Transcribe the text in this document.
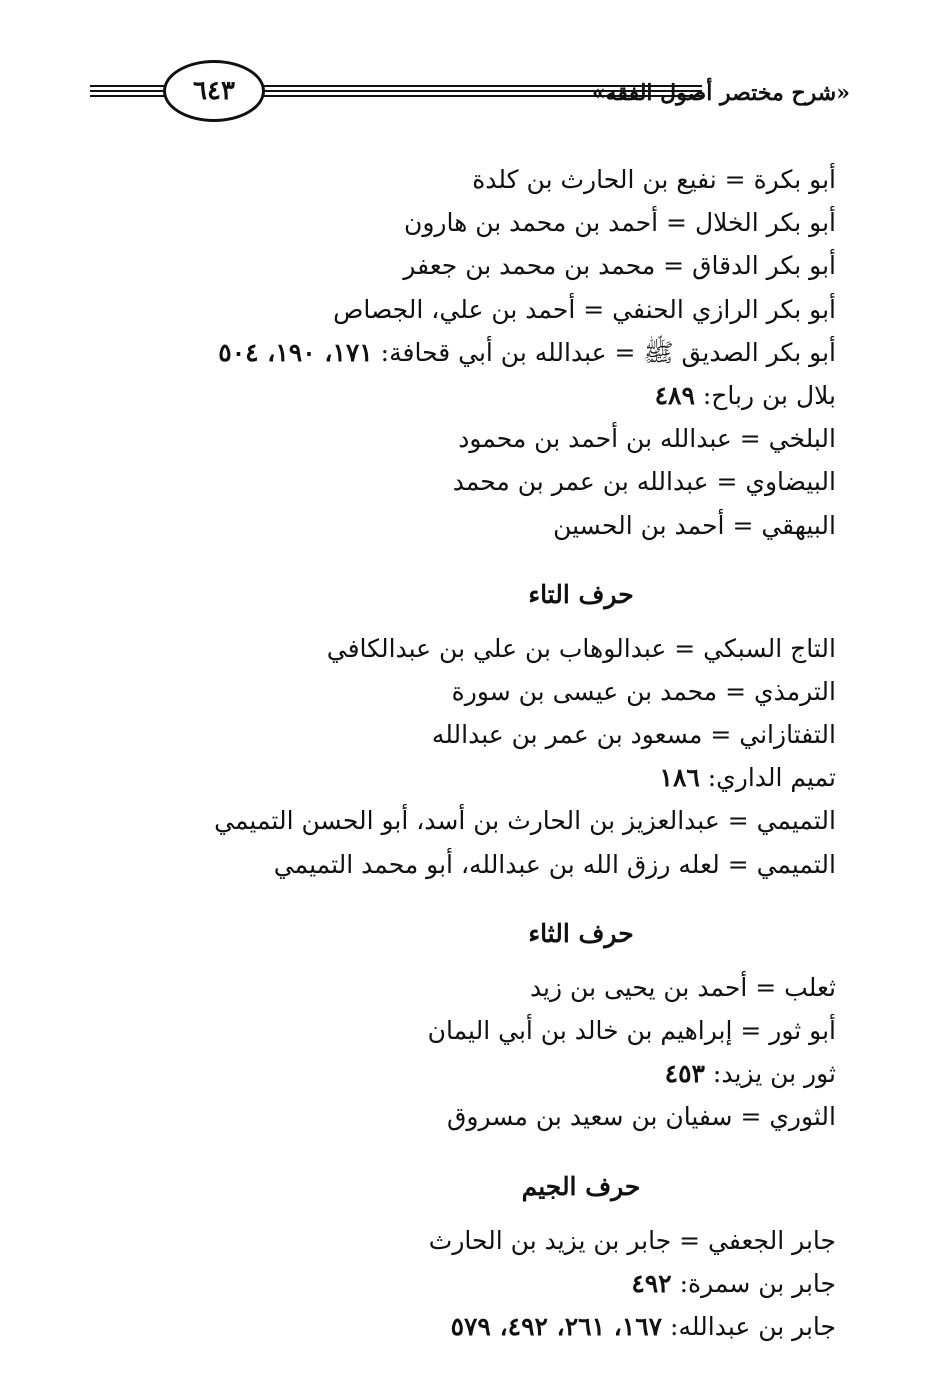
٦٤٣	«شرح مختصر أصول الفقه»
أبو بكرة = نفيع بن الحارث بن كلدة
أبو بكر الخلال = أحمد بن محمد بن هارون
أبو بكر الدقاق = محمد بن محمد بن جعفر
أبو بكر الرازي الحنفي = أحمد بن علي، الجصاص
أبو بكر الصديق ﷺ = عبدالله بن أبي قحافة: ١٧١، ١٩٠، ٥٠٤
بلال بن رباح: ٤٨٩
البلخي = عبدالله بن أحمد بن محمود
البيضاوي = عبدالله بن عمر بن محمد
البيهقي = أحمد بن الحسين
حرف التاء
التاج السبكي = عبدالوهاب بن علي بن عبدالكافي
الترمذي = محمد بن عيسى بن سورة
التفتازاني = مسعود بن عمر بن عبدالله
تميم الداري: ١٨٦
التميمي = عبدالعزيز بن الحارث بن أسد، أبو الحسن التميمي
التميمي = لعله رزق الله بن عبدالله، أبو محمد التميمي
حرف الثاء
ثعلب = أحمد بن يحيى بن زيد
أبو ثور = إبراهيم بن خالد بن أبي اليمان
ثور بن يزيد: ٤٥٣
الثوري = سفيان بن سعيد بن مسروق
حرف الجيم
جابر الجعفي = جابر بن يزيد بن الحارث
جابر بن سمرة: ٤٩٢
جابر بن عبدالله: ١٦٧، ٢٦١، ٤٩٢، ٥٧٩
